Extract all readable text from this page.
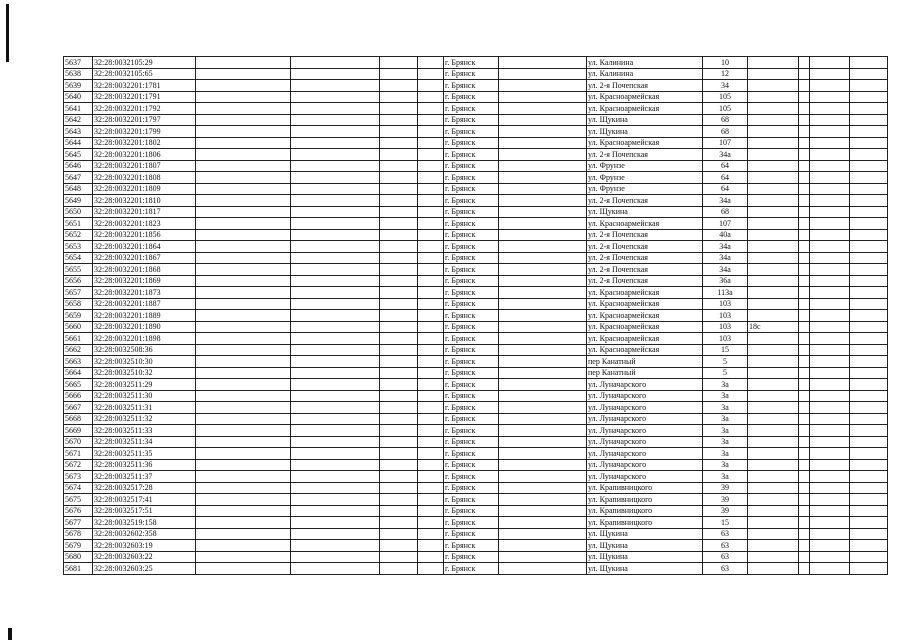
5637	32:28:0032105:29					г. Брянск		ул. Калинина	10				
5638	32:28:0032105:65					г. Брянск		ул. Калинина	12				
5639	32:28:0032201:1781					г. Брянск		ул. 2-я Почепская	34				
5640	32:28:0032201:1791					г. Брянск		ул. Красноармейская	105				
5641	32:28:0032201:1792					г. Брянск		ул. Красноармейская	105				
5642	32:28:0032201:1797					г. Брянск		ул. Щукина	68				
5643	32:28:0032201:1799					г. Брянск		ул. Щукина	68				
5644	32:28:0032201:1802					г. Брянск		ул. Красноармейская	107				
5645	32:28:0032201:1806					г. Брянск		ул. 2-я Почепская	34а				
5646	32:28:0032201:1807					г. Брянск		ул. Фрунзе	64				
5647	32:28:0032201:1808					г. Брянск		ул. Фрунзе	64				
5648	32:28:0032201:1809					г. Брянск		ул. Фрунзе	64				
5649	32:28:0032201:1810					г. Брянск		ул. 2-я Почепская	34а				
5650	32:28:0032201:1817					г. Брянск		ул. Щукина	68				
5651	32:28:0032201:1823					г. Брянск		ул. Красноармейская	107				
5652	32:28:0032201:1856					г. Брянск		ул. 2-я Почепская	40а				
5653	32:28:0032201:1864					г. Брянск		ул. 2-я Почепская	34а				
5654	32:28:0032201:1867					г. Брянск		ул. 2-я Почепская	34а				
5655	32:28:0032201:1868					г. Брянск		ул. 2-я Почепская	34а				
5656	32:28:0032201:1869					г. Брянск		ул. 2-я Почепская	36а				
5657	32:28:0032201:1873					г. Брянск		ул. Красноармейская	113а				
5658	32:28:0032201:1887					г. Брянск		ул. Красноармейская	103				
5659	32:28:0032201:1889					г. Брянск		ул. Красноармейская	103				
5660	32:28:0032201:1890					г. Брянск		ул. Красноармейская	103	18с			
5661	32:28:0032201:1898					г. Брянск		ул. Красноармейская	103				
5662	32:28:0032508:36					г. Брянск		ул. Красноармейская	15				
5663	32:28:0032510:30					г. Брянск		пер Канатный	5				
5664	32:28:0032510:32					г. Брянск		пер Канатный	5				
5665	32:28:0032511:29					г. Брянск		ул. Луначарского	3а				
5666	32:28:0032511:30					г. Брянск		ул. Луначарского	3а				
5667	32:28:0032511:31					г. Брянск		ул. Луначарского	3а				
5668	32:28:0032511:32					г. Брянск		ул. Луначарского	3а				
5669	32:28:0032511:33					г. Брянск		ул. Луначарского	3а				
5670	32:28:0032511:34					г. Брянск		ул. Луначарского	3а				
5671	32:28:0032511:35					г. Брянск		ул. Луначарского	3а				
5672	32:28:0032511:36					г. Брянск		ул. Луначарского	3а				
5673	32:28:0032511:37					г. Брянск		ул. Луначарского	3а				
5674	32:28:0032517:28					г. Брянск		ул. Крапивницкого	39				
5675	32:28:0032517:41					г. Брянск		ул. Крапивницкого	39				
5676	32:28:0032517:51					г. Брянск		ул. Крапивницкого	39				
5677	32:28:0032519:158					г. Брянск		ул. Крапивницкого	15				
5678	32:28:0032602:358					г. Брянск		ул. Щукина	63				
5679	32:28:0032603:19					г. Брянск		ул. Щукина	63				
5680	32:28:0032603:22					г. Брянск		ул. Щукина	63				
5681	32:28:0032603:25					г. Брянск		ул. Щукина	63				
